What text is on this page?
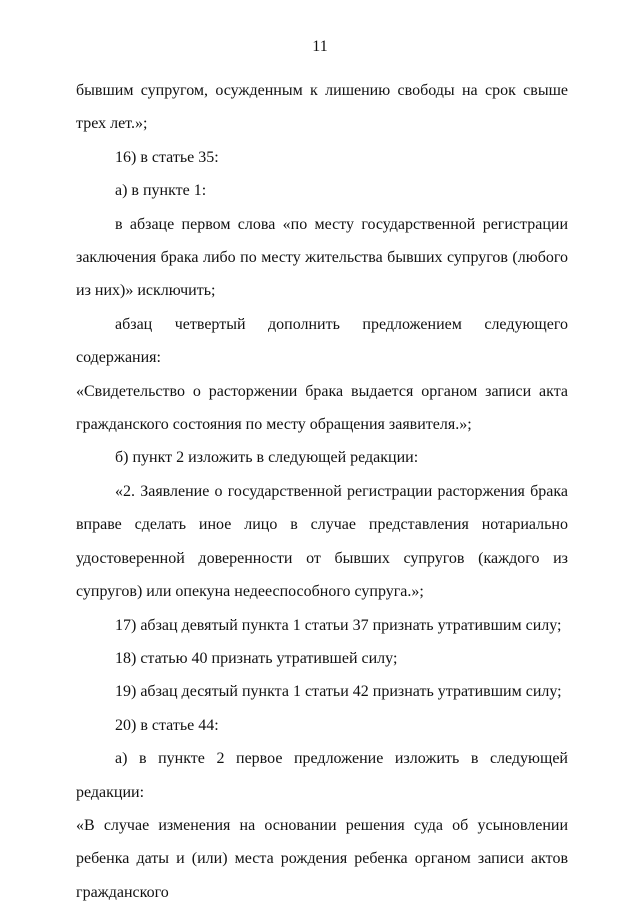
11

бывшим супругом, осужденным к лишению свободы на срок свыше трех лет.»;

16) в статье 35:

а) в пункте 1:

в абзаце первом слова «по месту государственной регистрации заключения брака либо по месту жительства бывших супругов (любого из них)» исключить;

абзац четвертый дополнить предложением следующего содержания:

«Свидетельство о расторжении брака выдается органом записи акта гражданского состояния по месту обращения заявителя.»;

б) пункт 2 изложить в следующей редакции:

«2. Заявление о государственной регистрации расторжения брака вправе сделать иное лицо в случае представления нотариально удостоверенной доверенности от бывших супругов (каждого из супругов) или опекуна недееспособного супруга.»;

17) абзац девятый пункта 1 статьи 37 признать утратившим силу;

18) статью 40 признать утратившей силу;

19) абзац десятый пункта 1 статьи 42 признать утратившим силу;

20) в статье 44:

а) в пункте 2 первое предложение изложить в следующей редакции:

«В случае изменения на основании решения суда об усыновлении ребенка даты и (или) места рождения ребенка органом записи актов гражданского
